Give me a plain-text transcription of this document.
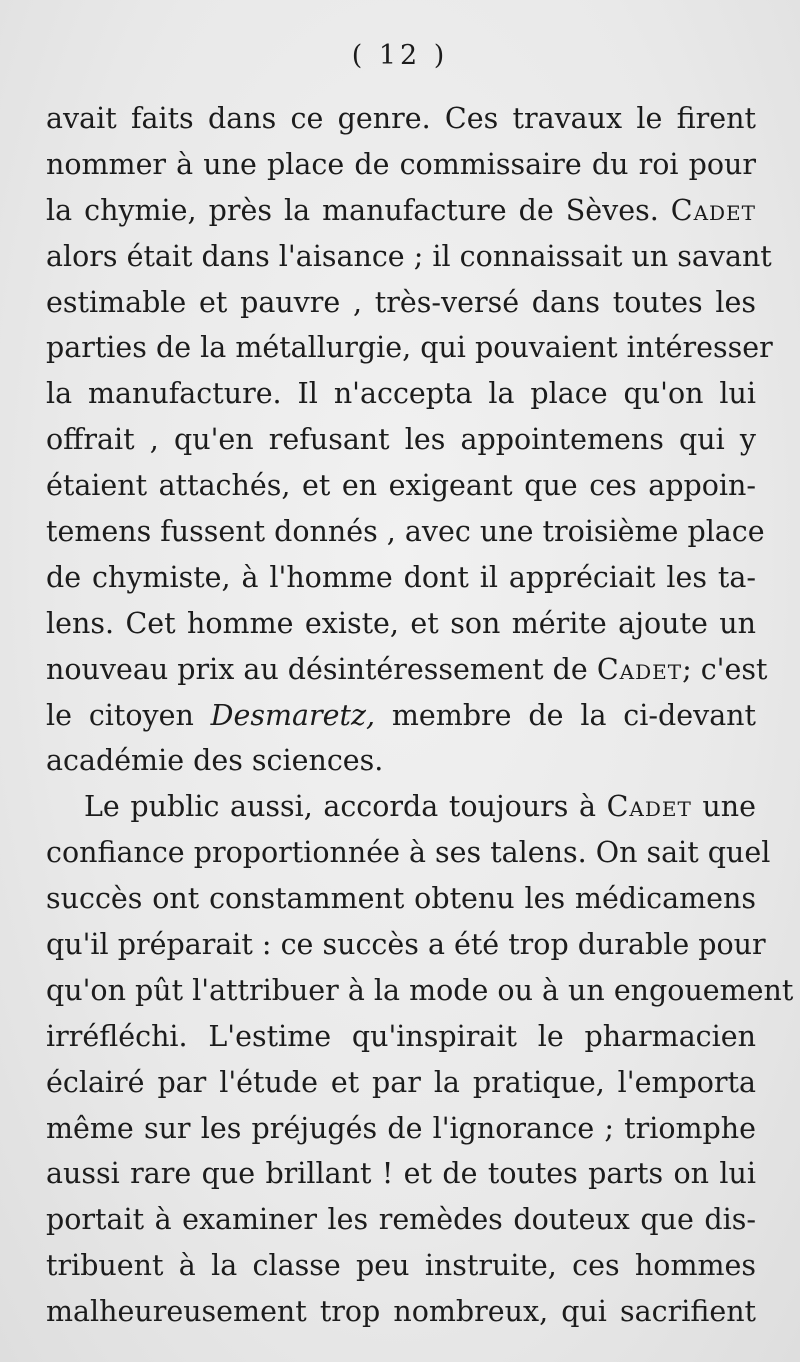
( 12 )
avait faits dans ce genre. Ces travaux le firent
nommer à une place de commissaire du roi pour
la chymie, près la manufacture de Sèves. Cadet
alors était dans l'aisance ; il connaissait un savant
estimable et pauvre , très-versé dans toutes les
parties de la métallurgie, qui pouvaient intéresser
la manufacture. Il n'accepta la place qu'on lui
offrait , qu'en refusant les appointemens qui y
étaient attachés, et en exigeant que ces appoin-
temens fussent donnés , avec une troisième place
de chymiste, à l'homme dont il appréciait les ta-
lens. Cet homme existe, et son mérite ajoute un
nouveau prix au désintéressement de Cadet; c'est
le citoyen Desmaretz, membre de la ci-devant
académie des sciences.
Le public aussi, accorda toujours à Cadet une
confiance proportionnée à ses talens. On sait quel
succès ont constamment obtenu les médicamens
qu'il préparait : ce succès a été trop durable pour
qu'on pût l'attribuer à la mode ou à un engouement
irréfléchi. L'estime qu'inspirait le pharmacien
éclairé par l'étude et par la pratique, l'emporta
même sur les préjugés de l'ignorance ; triomphe
aussi rare que brillant ! et de toutes parts on lui
portait à examiner les remèdes douteux que dis-
tribuent à la classe peu instruite, ces hommes
malheureusement trop nombreux, qui sacrifient
